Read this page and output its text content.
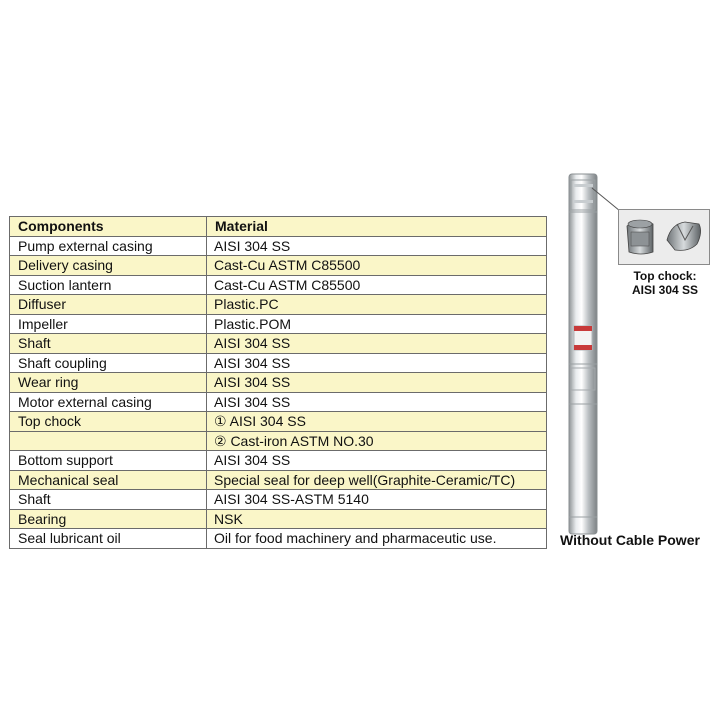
Components	Material
Pump external casing	AISI 304 SS
Delivery casing	Cast-Cu ASTM C85500
Suction lantern	Cast-Cu ASTM C85500
Diffuser	Plastic.PC
Impeller	Plastic.POM
Shaft	AISI 304 SS
Shaft coupling	AISI 304 SS
Wear ring	AISI 304 SS
Motor external casing	AISI 304 SS
Top chock	① AISI 304 SS
	② Cast-iron ASTM NO.30
Bottom support	AISI 304 SS
Mechanical seal	Special seal for deep well(Graphite-Ceramic/TC)
Shaft	AISI 304 SS-ASTM 5140
Bearing	NSK
Seal lubricant oil	Oil for food machinery and pharmaceutic use.
Top chock:
AISI 304 SS
Without Cable Power
